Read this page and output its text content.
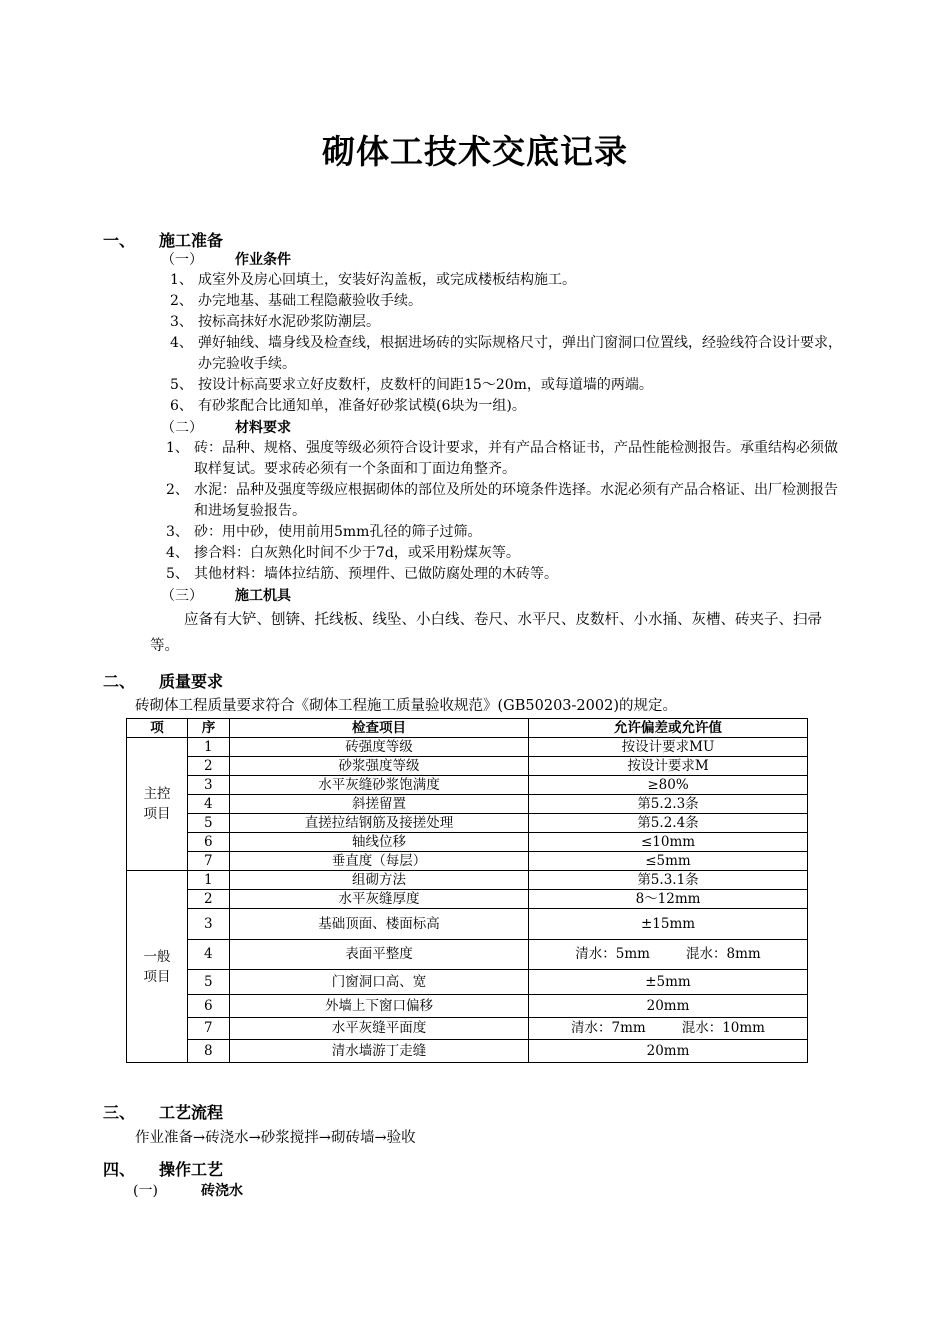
砌体工技术交底记录
一、 施工准备
（一） 作业条件
1、 成室外及房心回填土，安装好沟盖板，或完成楼板结构施工。
2、 办完地基、基础工程隐蔽验收手续。
3、 按标高抹好水泥砂浆防潮层。
4、 弹好轴线、墙身线及检查线，根据进场砖的实际规格尺寸，弹出门窗洞口位置线，经验线符合设计要求，办完验收手续。
5、 按设计标高要求立好皮数杆，皮数杆的间距15～20m，或每道墙的两端。
6、 有砂浆配合比通知单，准备好砂浆试模(6块为一组)。
（二） 材料要求
1、 砖：品种、规格、强度等级必须符合设计要求，并有产品合格证书，产品性能检测报告。承重结构必须做取样复试。要求砖必须有一个条面和丁面边角整齐。
2、 水泥：品种及强度等级应根据砌体的部位及所处的环境条件选择。水泥必须有产品合格证、出厂检测报告和进场复验报告。
3、 砂：用中砂，使用前用5mm孔径的筛子过筛。
4、 掺合料：白灰熟化时间不少于7d，或采用粉煤灰等。
5、 其他材料：墙体拉结筋、预埋件、已做防腐处理的木砖等。
（三） 施工机具
应备有大铲、刨锛、托线板、线坠、小白线、卷尺、水平尺、皮数杆、小水捅、灰槽、砖夹子、扫帚等。
二、 质量要求
砖砌体工程质量要求符合《砌体工程施工质量验收规范》(GB50203-2002)的规定。
项	序	检查项目	允许偏差或允许值
主控项目	1	砖强度等级	按设计要求MU
	2	砂浆强度等级	按设计要求M
	3	水平灰缝砂浆饱满度	≥80%
	4	斜搓留置	第5.2.3条
	5	直搓拉结钢筋及接搓处理	第5.2.4条
	6	轴线位移	≤10mm
	7	垂直度（每层）	≤5mm
一般项目	1	组砌方法	第5.3.1条
	2	水平灰缝厚度	8～12mm
	3	基础顶面、楼面标高	±15mm
	4	表面平整度	清水：5mm 混水：8mm
	5	门窗洞口高、宽	±5mm
	6	外墙上下窗口偏移	20mm
	7	水平灰缝平面度	清水：7mm 混水：10mm
	8	清水墙游丁走缝	20mm
三、 工艺流程
作业准备→砖浇水→砂浆搅拌→砌砖墙→验收
四、 操作工艺
(一)	砖浇水
